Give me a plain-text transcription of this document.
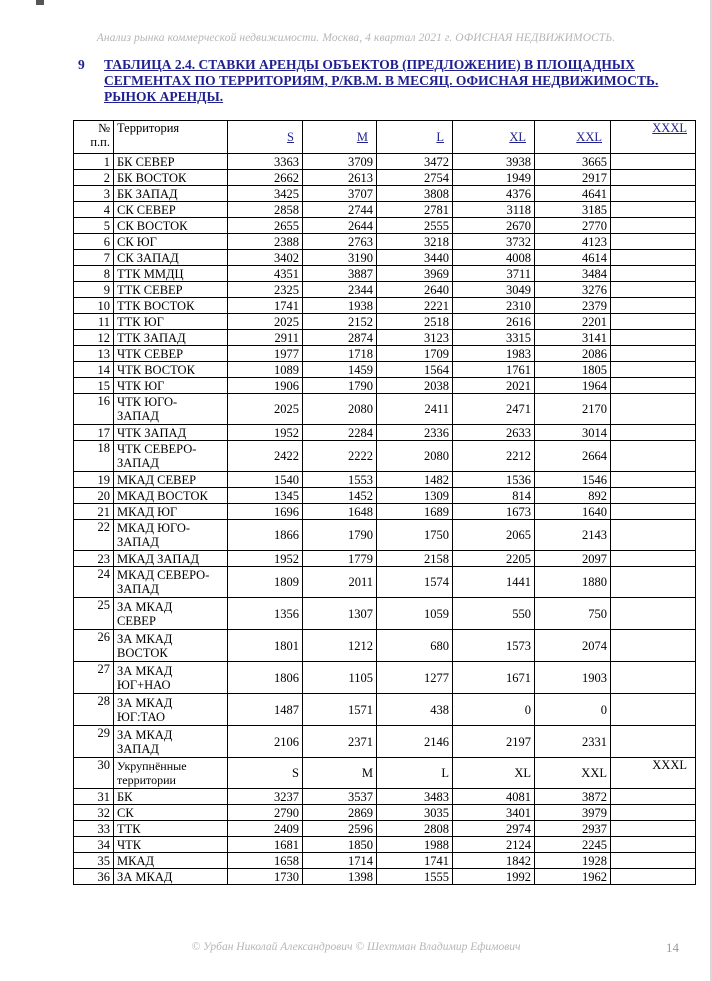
Анализ рынка коммерческой недвижимости. Москва, 4 квартал 2021 г. ОФИСНАЯ НЕДВИЖИМОСТЬ.
9 ТАБЛИЦА 2.4. СТАВКИ АРЕНДЫ ОБЪЕКТОВ (ПРЕДЛОЖЕНИЕ) В ПЛОЩАДНЫХ СЕГМЕНТАХ ПО ТЕРРИТОРИЯМ, Р/КВ.М. В МЕСЯЦ. ОФИСНАЯ НЕДВИЖИМОСТЬ. РЫНОК АРЕНДЫ.
№
п.п.	Территория	S	M	L	XL	XXL	XXXL
1	БК СЕВЕР	3363	3709	3472	3938	3665	
2	БК ВОСТОК	2662	2613	2754	1949	2917	
3	БК ЗАПАД	3425	3707	3808	4376	4641	
4	СК СЕВЕР	2858	2744	2781	3118	3185	
5	СК ВОСТОК	2655	2644	2555	2670	2770	
6	СК ЮГ	2388	2763	3218	3732	4123	
7	СК ЗАПАД	3402	3190	3440	4008	4614	
8	ТТК ММДЦ	4351	3887	3969	3711	3484	
9	ТТК СЕВЕР	2325	2344	2640	3049	3276	
10	ТТК ВОСТОК	1741	1938	2221	2310	2379	
11	ТТК ЮГ	2025	2152	2518	2616	2201	
12	ТТК ЗАПАД	2911	2874	3123	3315	3141	
13	ЧТК СЕВЕР	1977	1718	1709	1983	2086	
14	ЧТК ВОСТОК	1089	1459	1564	1761	1805	
15	ЧТК ЮГ	1906	1790	2038	2021	1964	
16	ЧТК ЮГО-
ЗАПАД	2025	2080	2411	2471	2170	
17	ЧТК ЗАПАД	1952	2284	2336	2633	3014	
18	ЧТК СЕВЕРО-
ЗАПАД	2422	2222	2080	2212	2664	
19	МКАД СЕВЕР	1540	1553	1482	1536	1546	
20	МКАД ВОСТОК	1345	1452	1309	814	892	
21	МКАД ЮГ	1696	1648	1689	1673	1640	
22	МКАД ЮГО-
ЗАПАД	1866	1790	1750	2065	2143	
23	МКАД ЗАПАД	1952	1779	2158	2205	2097	
24	МКАД СЕВЕРО-
ЗАПАД	1809	2011	1574	1441	1880	
25	ЗА МКАД
СЕВЕР	1356	1307	1059	550	750	
26	ЗА МКАД
ВОСТОК	1801	1212	680	1573	2074	
27	ЗА МКАД
ЮГ+НАО	1806	1105	1277	1671	1903	
28	ЗА МКАД
ЮГ:ТАО	1487	1571	438	0	0	
29	ЗА МКАД
ЗАПАД	2106	2371	2146	2197	2331	
30	Укрупнённые
территории	S	M	L	XL	XXL	XXXL
31	БК	3237	3537	3483	4081	3872	
32	СК	2790	2869	3035	3401	3979	
33	ТТК	2409	2596	2808	2974	2937	
34	ЧТК	1681	1850	1988	2124	2245	
35	МКАД	1658	1714	1741	1842	1928	
36	ЗА МКАД	1730	1398	1555	1992	1962	
© Урбан Николай Александрович © Шехтман Владимир Ефимович	14
